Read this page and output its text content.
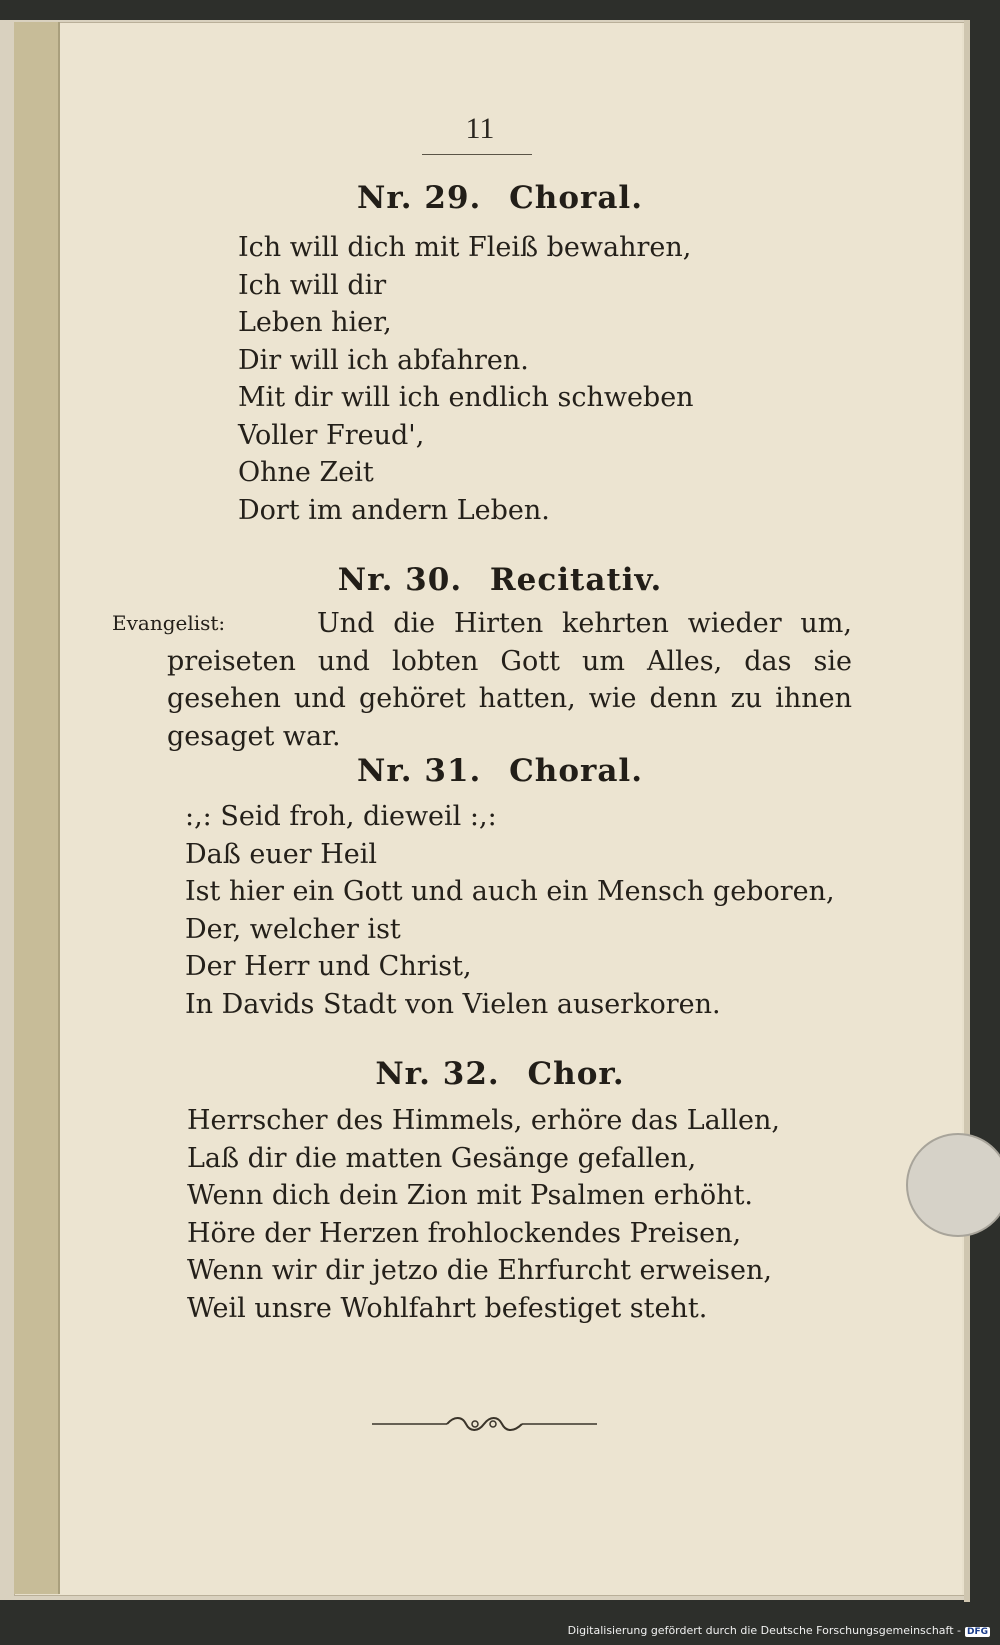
11
Nr. 29. Choral.
Ich will dich mit Fleiß bewahren,
Ich will dir
Leben hier,
Dir will ich abfahren.
Mit dir will ich endlich schweben
Voller Freud',
Ohne Zeit
Dort im andern Leben.
Nr. 30. Recitativ.
Evangelist:	Und die Hirten kehrten wieder um, preiseten und lobten Gott um Alles, das sie gesehen und gehöret hatten, wie denn zu ihnen gesaget war.
Nr. 31. Choral.
:,: Seid froh, dieweil :,:
Daß euer Heil
Ist hier ein Gott und auch ein Mensch geboren,
Der, welcher ist
Der Herr und Christ,
In Davids Stadt von Vielen auserkoren.
Nr. 32. Chor.
Herrscher des Himmels, erhöre das Lallen,
Laß dir die matten Gesänge gefallen,
Wenn dich dein Zion mit Psalmen erhöht.
Höre der Herzen frohlockendes Preisen,
Wenn wir dir jetzo die Ehrfurcht erweisen,
Weil unsre Wohlfahrt befestiget steht.
Digitalisierung gefördert durch die Deutsche Forschungsgemeinschaft - DFG
